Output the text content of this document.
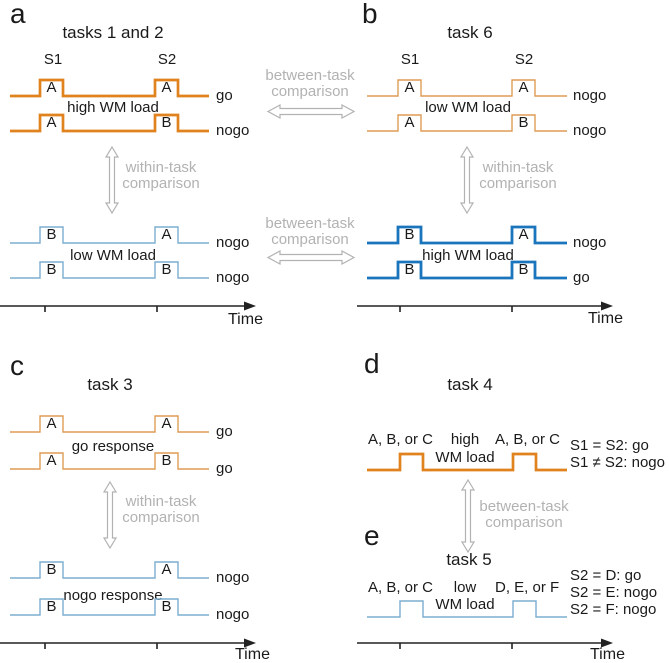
a
tasks 1 and 2
S1	S2
A	A	go
high WM load
A	B	nogo
within-task
comparison
B	A	nogo
low WM load
B	B	nogo
Time
between-task
comparison
between-task
comparison
b
task 6
S1	S2
A	A	nogo
low WM load
A	B	nogo
within-task
comparison
B	A	nogo
high WM load
B	B	go
Time
c
task 3
A	A	go
go response
A	B	go
within-task
comparison
B	A	nogo
nogo response
B	B	nogo
Time
d
task 4
A, B, or C	high	A, B, or C
WM load
S1 = S2: go
S1 ≠ S2: nogo
between-task
comparison
e
task 5
S2 = D: go
S2 = E: nogo
S2 = F: nogo
A, B, or C	low	D, E, or F
WM load
Time
